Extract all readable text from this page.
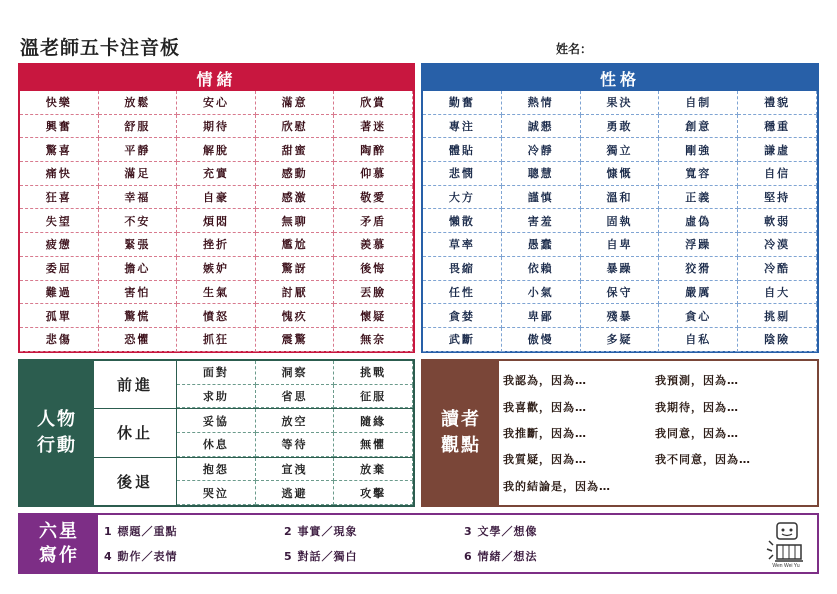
溫老師五卡注音板	姓名：
情緒
快樂	放鬆	安心	滿意	欣賞
興奮	舒服	期待	欣慰	著迷
驚喜	平靜	解脫	甜蜜	陶醉
痛快	滿足	充實	感動	仰慕
狂喜	幸福	自豪	感激	敬愛
失望	不安	煩悶	無聊	矛盾
疲憊	緊張	挫折	尷尬	羨慕
委屈	擔心	嫉妒	驚訝	後悔
難過	害怕	生氣	討厭	丟臉
孤單	驚慌	憤怒	愧疚	懷疑
悲傷	恐懼	抓狂	震驚	無奈
性格
勤奮	熱情	果決	自制	禮貌
專注	誠懇	勇敢	創意	穩重
體貼	冷靜	獨立	剛強	謙虛
悲憫	聰慧	慷慨	寬容	自信
大方	謹慎	溫和	正義	堅持
懶散	害羞	固執	虛偽	軟弱
草率	愚蠢	自卑	浮躁	冷漠
畏縮	依賴	暴躁	狡猾	冷酷
任性	小氣	保守	嚴厲	自大
貪婪	卑鄙	殘暴	貪心	挑剔
武斷	傲慢	多疑	自私	陰險
人物
行動
前進
面對	洞察	挑戰
求助	省思	征服
休止
妥協	放空	隨緣
休息	等待	無懼
後退
抱怨	宣洩	放棄
哭泣	逃避	攻擊
讀者
觀點
我認為，因為…	我預測，因為…
我喜歡，因為…	我期待，因為…
我推斷，因為…	我同意，因為…
我質疑，因為…	我不同意，因為…
我的結論是，因為…
六星
寫作
1 標題／重點	2 事實／現象	3 文學／想像
4 動作／表情	5 對話／獨白	6 情緒／想法
Wen Wei Yu
